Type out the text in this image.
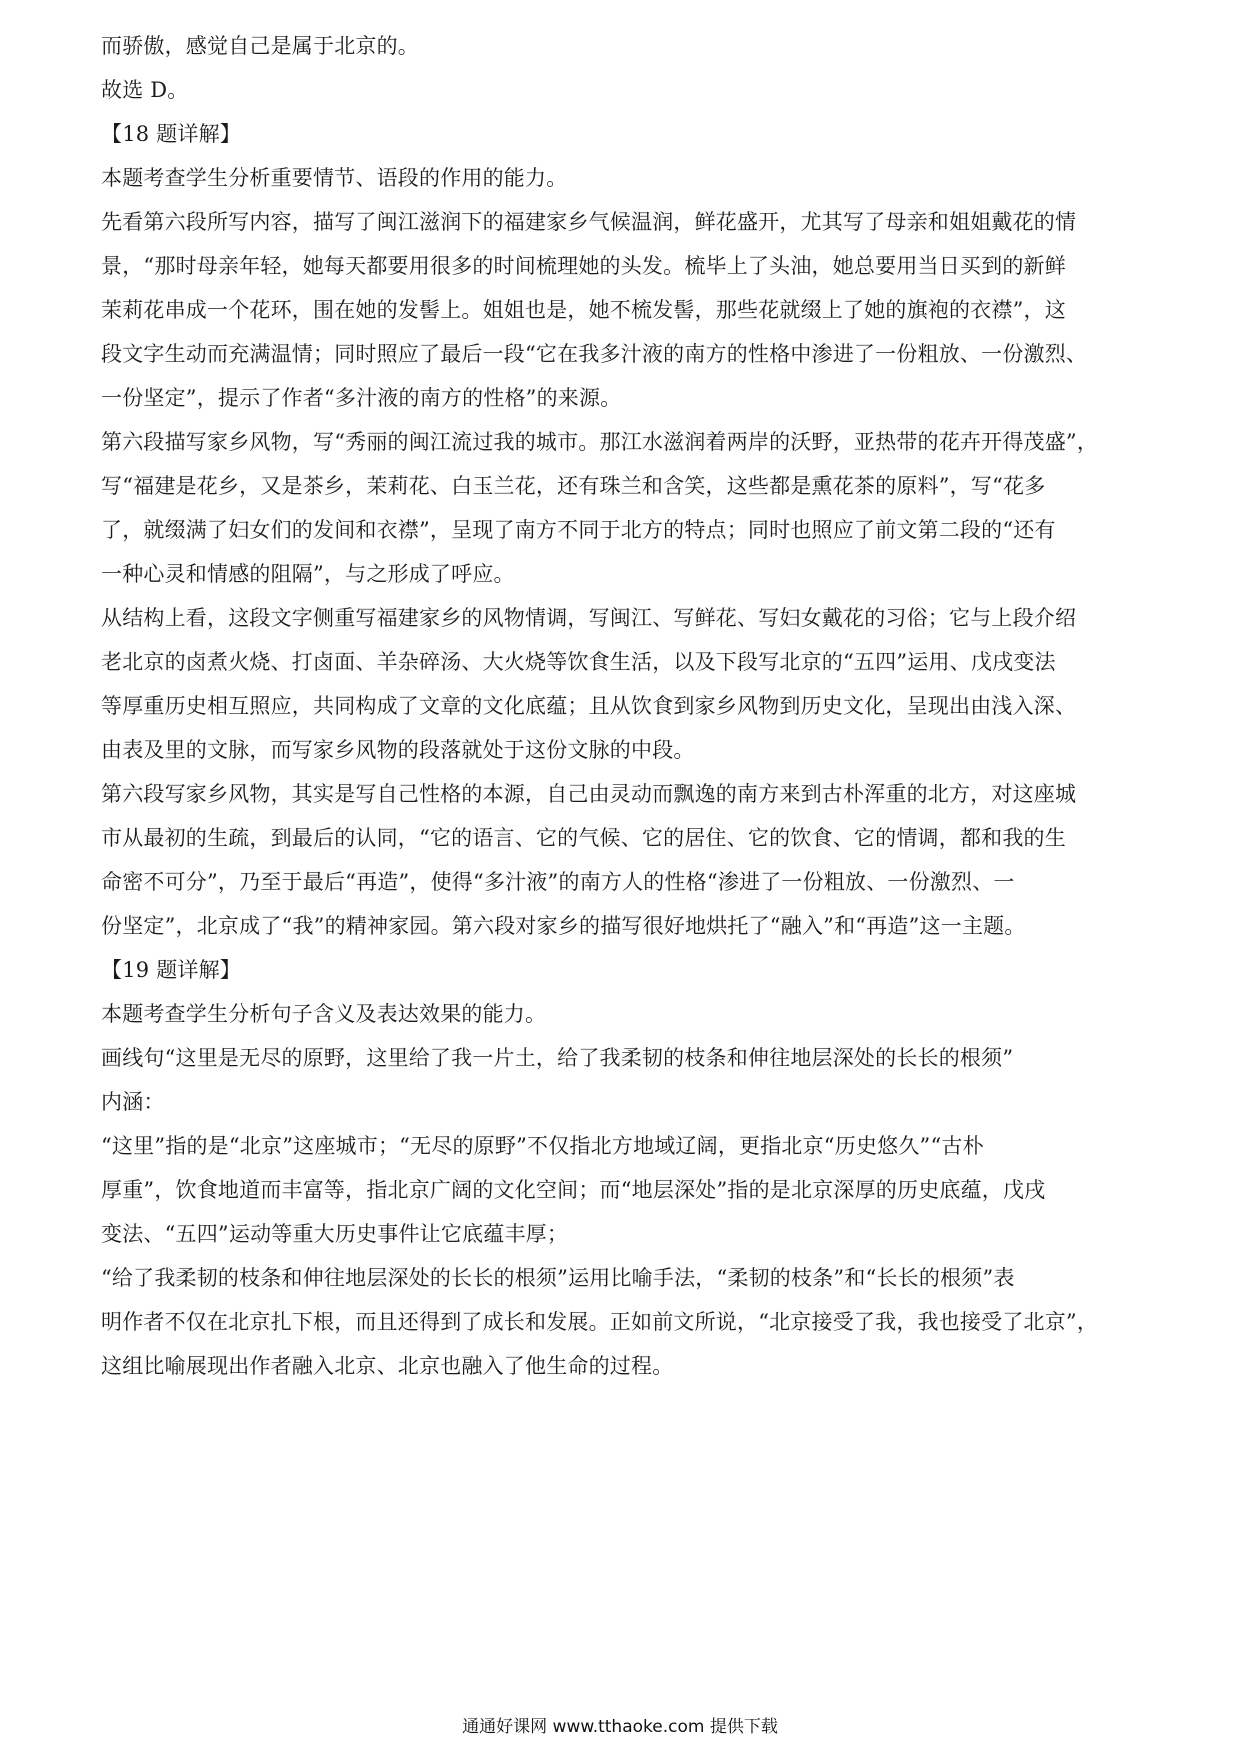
而骄傲，感觉自己是属于北京的。
故选 D。
【18 题详解】
本题考查学生分析重要情节、语段的作用的能力。
先看第六段所写内容，描写了闽江滋润下的福建家乡气候温润，鲜花盛开，尤其写了母亲和姐姐戴花的情
景，“那时母亲年轻，她每天都要用很多的时间梳理她的头发。梳毕上了头油，她总要用当日买到的新鲜
茉莉花串成一个花环，围在她的发髻上。姐姐也是，她不梳发髻，那些花就缀上了她的旗袍的衣襟”，这
段文字生动而充满温情；同时照应了最后一段“它在我多汁液的南方的性格中渗进了一份粗放、一份激烈、
一份坚定”，提示了作者“多汁液的南方的性格”的来源。
第六段描写家乡风物，写“秀丽的闽江流过我的城市。那江水滋润着两岸的沃野，亚热带的花卉开得茂盛”，
写“福建是花乡，又是茶乡，茉莉花、白玉兰花，还有珠兰和含笑，这些都是熏花茶的原料”，写“花多
了，就缀满了妇女们的发间和衣襟”，呈现了南方不同于北方的特点；同时也照应了前文第二段的“还有
一种心灵和情感的阻隔”，与之形成了呼应。
从结构上看，这段文字侧重写福建家乡的风物情调，写闽江、写鲜花、写妇女戴花的习俗；它与上段介绍
老北京的卤煮火烧、打卤面、羊杂碎汤、大火烧等饮食生活，以及下段写北京的“五四”运用、戊戌变法
等厚重历史相互照应，共同构成了文章的文化底蕴；且从饮食到家乡风物到历史文化，呈现出由浅入深、
由表及里的文脉，而写家乡风物的段落就处于这份文脉的中段。
第六段写家乡风物，其实是写自己性格的本源，自己由灵动而飘逸的南方来到古朴浑重的北方，对这座城
市从最初的生疏，到最后的认同，“它的语言、它的气候、它的居住、它的饮食、它的情调，都和我的生
命密不可分”，乃至于最后“再造”，使得“多汁液”的南方人的性格“渗进了一份粗放、一份激烈、一
份坚定”，北京成了“我”的精神家园。第六段对家乡的描写很好地烘托了“融入”和“再造”这一主题。
【19 题详解】
本题考查学生分析句子含义及表达效果的能力。
画线句“这里是无尽的原野，这里给了我一片土，给了我柔韧的枝条和伸往地层深处的长长的根须”
内涵：
“这里”指的是“北京”这座城市；“无尽的原野”不仅指北方地域辽阔，更指北京“历史悠久”“古朴
厚重”，饮食地道而丰富等，指北京广阔的文化空间；而“地层深处”指的是北京深厚的历史底蕴，戊戌
变法、“五四”运动等重大历史事件让它底蕴丰厚；
“给了我柔韧的枝条和伸往地层深处的长长的根须”运用比喻手法，“柔韧的枝条”和“长长的根须”表
明作者不仅在北京扎下根，而且还得到了成长和发展。正如前文所说，“北京接受了我，我也接受了北京”，
这组比喻展现出作者融入北京、北京也融入了他生命的过程。
通通好课网 www.tthaoke.com 提供下载
